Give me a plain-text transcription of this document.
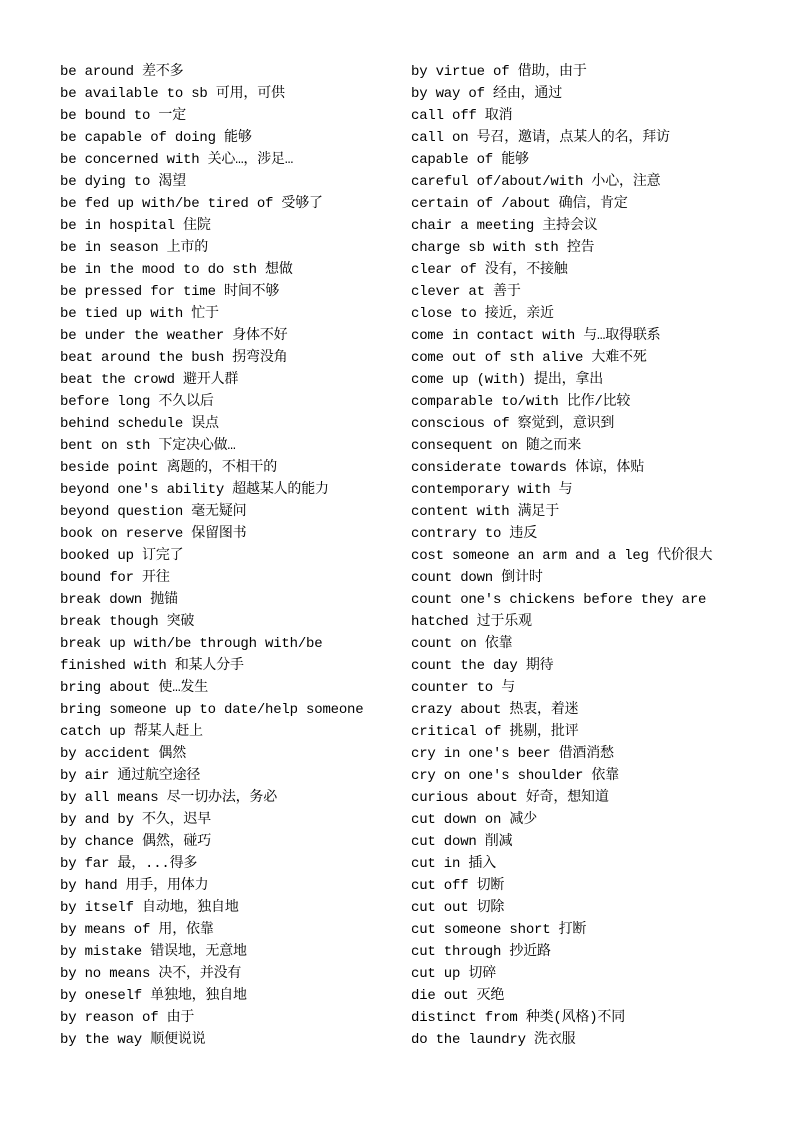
be around 差不多
be available to sb 可用，可供
be bound to 一定
be capable of doing 能够
be concerned with 关心…，涉足…
be dying to 渴望
be fed up with/be tired of 受够了
be in hospital 住院
be in season 上市的
be in the mood to do sth 想做
be pressed for time 时间不够
be tied up with 忙于
be under the weather 身体不好
beat around the bush 拐弯没角
beat the crowd 避开人群
before long 不久以后
behind schedule 误点
bent on sth 下定决心做…
beside point 离题的，不相干的
beyond one's ability 超越某人的能力
beyond question 毫无疑问
book on reserve 保留图书
booked up 订完了
bound for 开往
break down 抛锚
break though 突破
break up with/be through with/be finished with 和某人分手
bring about 使…发生
bring someone up to date/help someone catch up 帮某人赶上
by accident 偶然
by air 通过航空途径
by all means 尽一切办法，务必
by and by 不久，迟早
by chance 偶然，碰巧
by far 最，...得多
by hand 用手，用体力
by itself 自动地，独自地
by means of 用，依靠
by mistake 错误地，无意地
by no means 决不，并没有
by oneself 单独地，独自地
by reason of 由于
by the way 顺便说说
by virtue of 借助，由于
by way of 经由，通过
call off 取消
call on 号召，邀请，点某人的名，拜访
capable of 能够
careful of/about/with 小心，注意
certain of /about 确信，肯定
chair a meeting 主持会议
charge sb with sth 控告
clear of 没有，不接触
clever at 善于
close to 接近，亲近
come in contact with 与…取得联系
come out of sth alive 大难不死
come up (with) 提出，拿出
comparable to/with 比作/比较
conscious of 察觉到，意识到
consequent on 随之而来
considerate towards 体谅，体贴
contemporary with 与
content with 满足于
contrary to 违反
cost someone an arm and a leg 代价很大
count down 倒计时
count one's chickens before they are hatched 过于乐观
count on 依靠
count the day 期待
counter to 与
crazy about 热衷，着迷
critical of 挑剔，批评
cry in one's beer 借酒消愁
cry on one's shoulder 依靠
curious about 好奇，想知道
cut down on 减少
cut down 削减
cut in 插入
cut off 切断
cut out 切除
cut someone short 打断
cut through 抄近路
cut up 切碎
die out 灭绝
distinct from 种类(风格)不同
do the laundry 洗衣服
